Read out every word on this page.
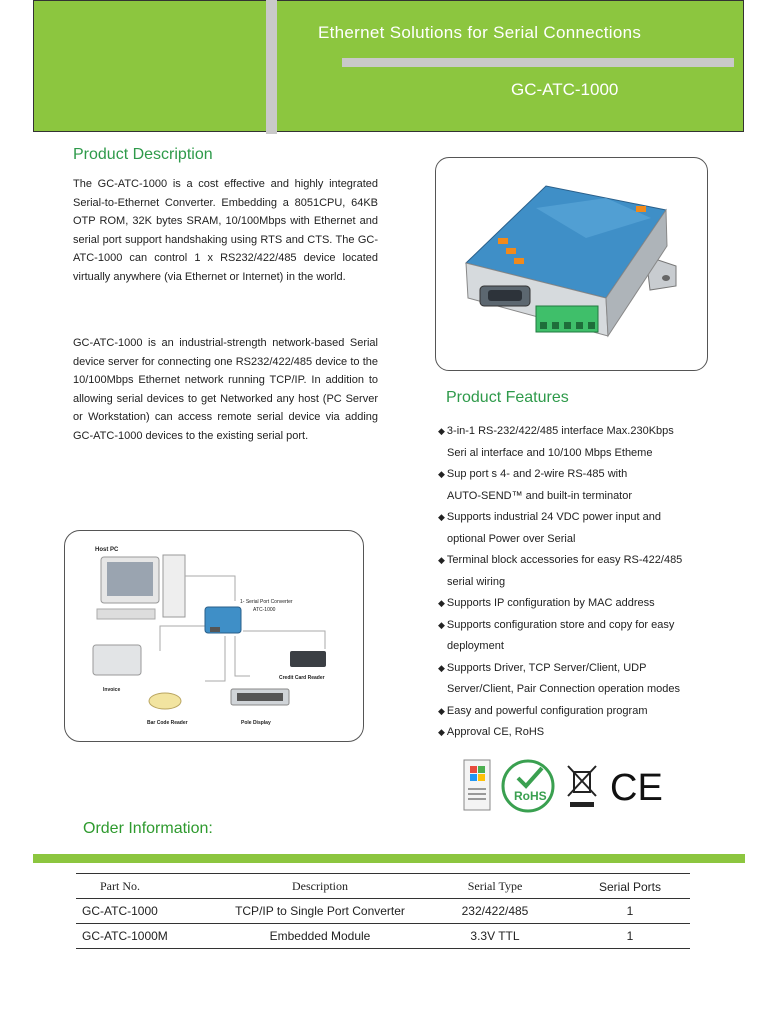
Ethernet Solutions for Serial Connections
GC-ATC-1000
Product Description

The GC-ATC-1000 is a cost effective and highly integrated Serial-to-Ethernet Converter. Embedding a 8051CPU, 64KB OTP ROM, 32K bytes SRAM, 10/100Mbps with Ethernet and serial port support handshaking using RTS and CTS. The GC-ATC-1000 can control 1 x RS232/422/485 device located virtually anywhere (via Ethernet or Internet) in the world.

GC-ATC-1000 is an industrial-strength network-based Serial device server for connecting one RS232/422/485 device to the 10/100Mbps Ethernet network running TCP/IP. In addition to allowing serial devices to get Networked any host (PC Server or Workstation) can access remote serial device via adding GC-ATC-1000 devices to the existing serial port.

Host PC
1- Serial Port Converter
ATC-1000
Invoice
Credit Card Reader
Bar Code Reader	Pole Display
Product Features
◆ 3-in-1 RS-232/422/485 interface Max.230Kbps
Seri al interface and 10/100 Mbps Etheme
◆ Sup port s 4- and 2-wire RS-485 with
AUTO-SEND™ and built-in terminator
◆ Supports industrial 24 VDC power input and
optional Power over Serial
◆ Terminal block accessories for easy RS-422/485
serial wiring
◆ Supports IP configuration by MAC address
◆ Supports configuration store and copy for easy
deployment
◆ Supports Driver, TCP Server/Client, UDP
Server/Client, Pair Connection operation modes
◆ Easy and powerful configuration program
◆ Approval CE, RoHS
RoHS CE
Order Information:
Part No.	Description	Serial Type	Serial Ports
GC-ATC-1000	TCP/IP to Single Port Converter	232/422/485	1
GC-ATC-1000M	Embedded Module	3.3V TTL	1
